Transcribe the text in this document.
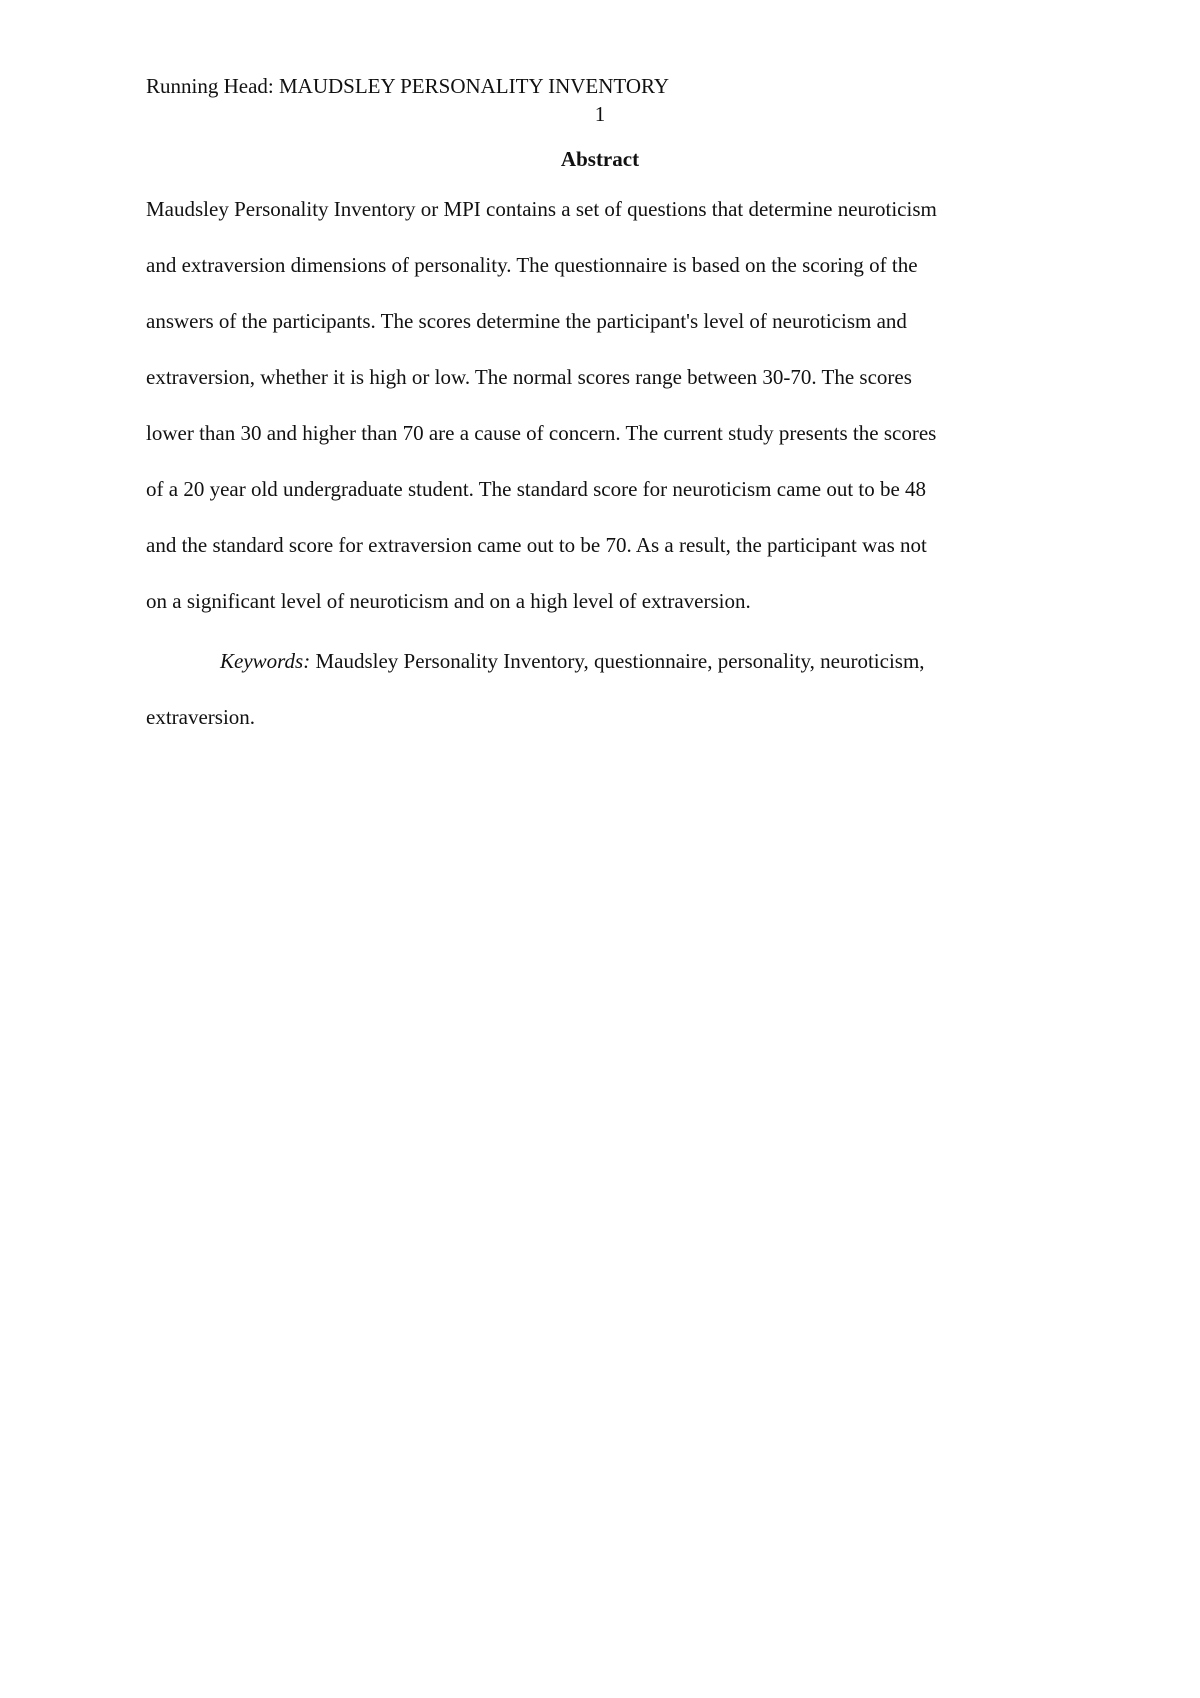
Running Head: MAUDSLEY PERSONALITY INVENTORY
1
Abstract
Maudsley Personality Inventory or MPI contains a set of questions that determine neuroticism
and extraversion dimensions of personality. The questionnaire is based on the scoring of the
answers of the participants. The scores determine the participant's level of neuroticism and
extraversion, whether it is high or low. The normal scores range between 30-70. The scores
lower than 30 and higher than 70 are a cause of concern. The current study presents the scores
of a 20 year old undergraduate student. The standard score for neuroticism came out to be 48
and the standard score for extraversion came out to be 70. As a result, the participant was not
on a significant level of neuroticism and on a high level of extraversion.
Keywords: Maudsley Personality Inventory, questionnaire, personality, neuroticism,
extraversion.
